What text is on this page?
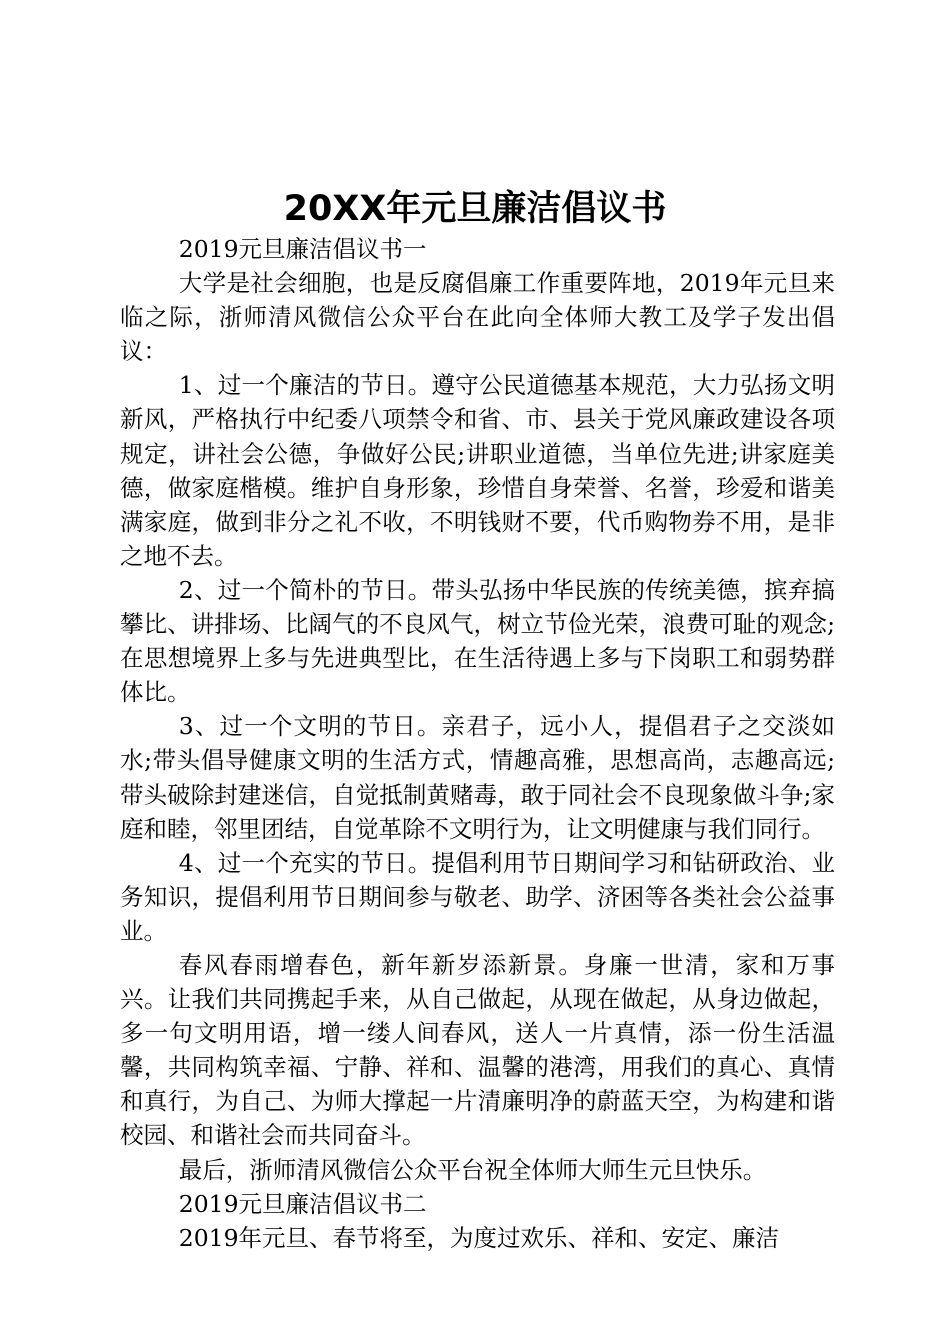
20XX年元旦廉洁倡议书

2019元旦廉洁倡议书一

大学是社会细胞，也是反腐倡廉工作重要阵地，2019年元旦来临之际，浙师清风微信公众平台在此向全体师大教工及学子发出倡议：

1、过一个廉洁的节日。遵守公民道德基本规范，大力弘扬文明新风，严格执行中纪委八项禁令和省、市、县关于党风廉政建设各项规定，讲社会公德，争做好公民;讲职业道德，当单位先进;讲家庭美德，做家庭楷模。维护自身形象，珍惜自身荣誉、名誉，珍爱和谐美满家庭，做到非分之礼不收，不明钱财不要，代币购物券不用，是非之地不去。

2、过一个简朴的节日。带头弘扬中华民族的传统美德，摈弃搞攀比、讲排场、比阔气的不良风气，树立节俭光荣，浪费可耻的观念;在思想境界上多与先进典型比，在生活待遇上多与下岗职工和弱势群体比。

3、过一个文明的节日。亲君子，远小人，提倡君子之交淡如水;带头倡导健康文明的生活方式，情趣高雅，思想高尚，志趣高远;带头破除封建迷信，自觉抵制黄赌毒，敢于同社会不良现象做斗争;家庭和睦，邻里团结，自觉革除不文明行为，让文明健康与我们同行。

4、过一个充实的节日。提倡利用节日期间学习和钻研政治、业务知识，提倡利用节日期间参与敬老、助学、济困等各类社会公益事业。

春风春雨增春色，新年新岁添新景。身廉一世清，家和万事兴。让我们共同携起手来，从自己做起，从现在做起，从身边做起，多一句文明用语，增一缕人间春风，送人一片真情，添一份生活温馨，共同构筑幸福、宁静、祥和、温馨的港湾，用我们的真心、真情和真行，为自己、为师大撑起一片清廉明净的蔚蓝天空，为构建和谐校园、和谐社会而共同奋斗。

最后，浙师清风微信公众平台祝全体师大师生元旦快乐。

2019元旦廉洁倡议书二

2019年元旦、春节将至，为度过欢乐、祥和、安定、廉洁
